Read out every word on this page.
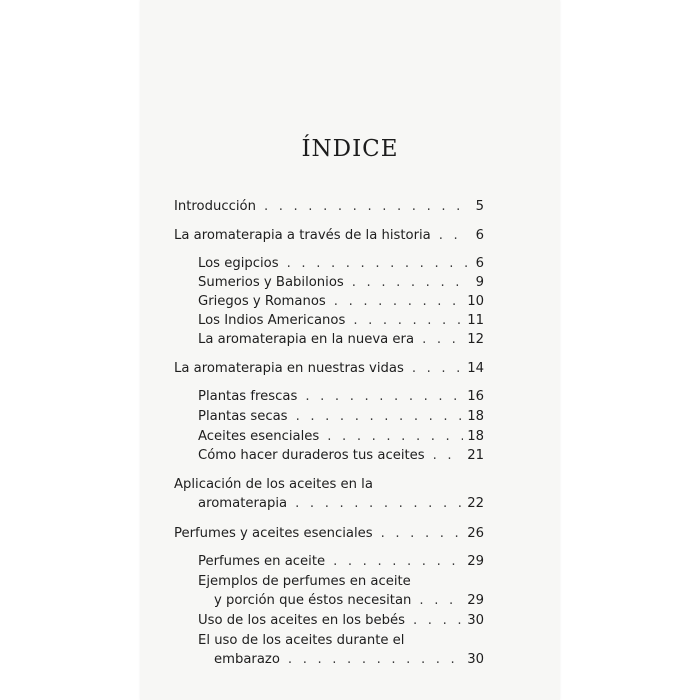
ÍNDICE
Introducción . . .	5
La aromaterapia a través de la historia . . .	6
Los egipcios . . .	6
Sumerios y Babilonios . . .	9
Griegos y Romanos . . .	10
Los Indios Americanos . . .	11
La aromaterapia en la nueva era . . .	12
La aromaterapia en nuestras vidas . . .	14
Plantas frescas . . .	16
Plantas secas . . .	18
Aceites esenciales . . .	18
Cómo hacer duraderos tus aceites . . .	21
Aplicación de los aceites en la
aromaterapia . . .	22
Perfumes y aceites esenciales . . .	26
Perfumes en aceite . . .	29
Ejemplos de perfumes en aceite
y porción que éstos necesitan . . .	29
Uso de los aceites en los bebés . . .	30
El uso de los aceites durante el
embarazo . . .	30
